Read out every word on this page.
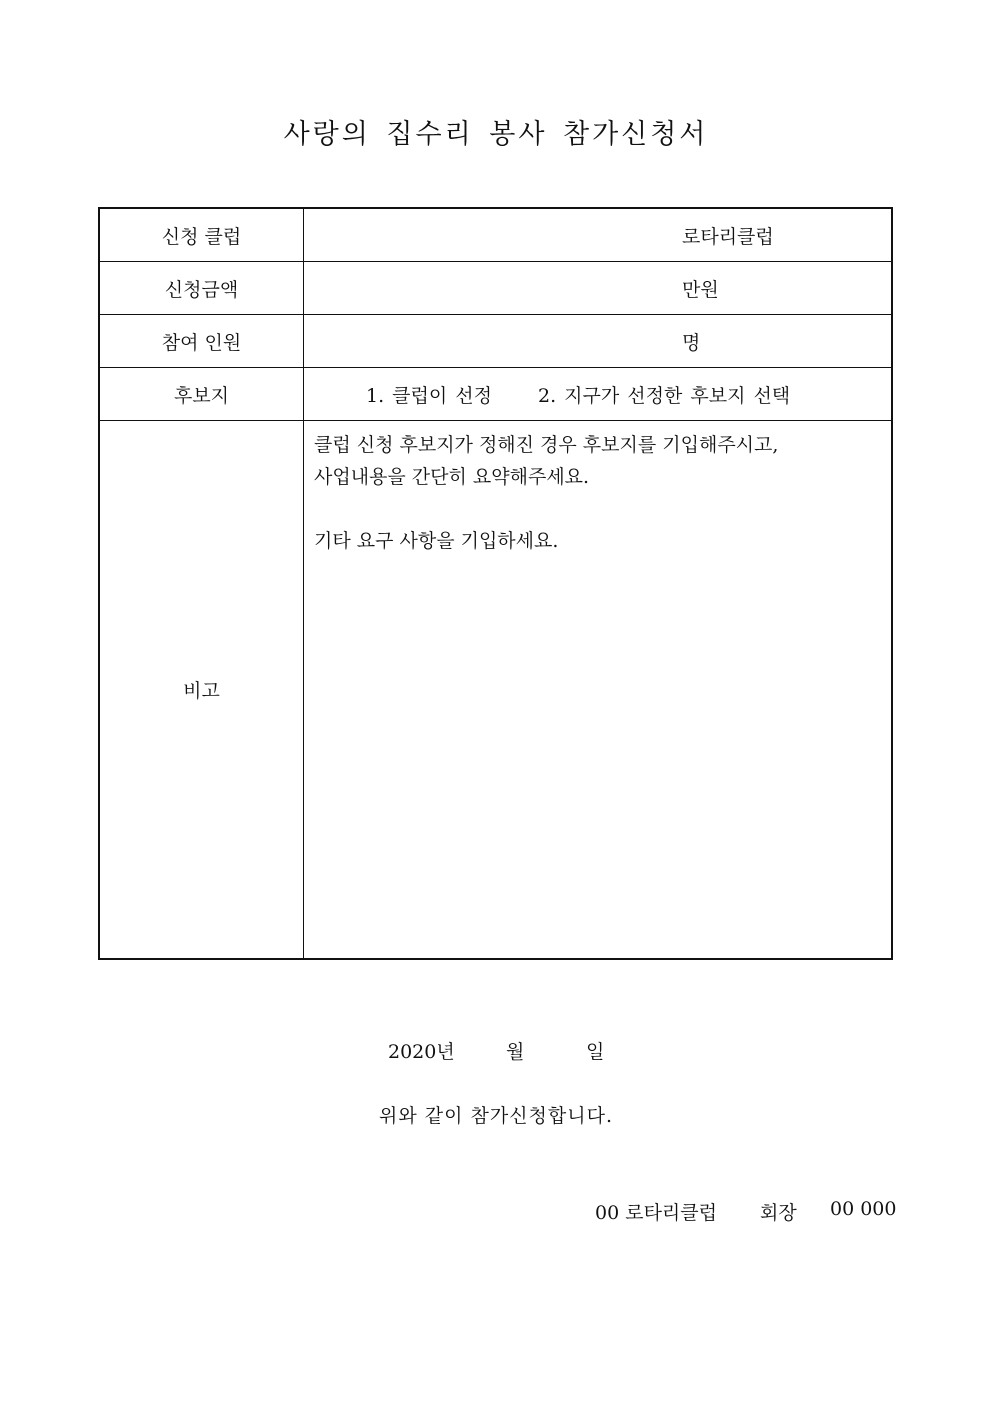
사랑의 집수리 봉사 참가신청서
신청 클럽	로타리클럽
신청금액	만원
참여 인원	명
후보지	1. 클럽이 선정 2. 지구가 선정한 후보지 선택
비고	클럽 신청 후보지가 정해진 경우 후보지를 기입해주시고,
사업내용을 간단히 요약해주세요.
기타 요구 사항을 기입하세요.
2020년	월	일
위와 같이 참가신청합니다.
00 로타리클럽 회장 00 000
